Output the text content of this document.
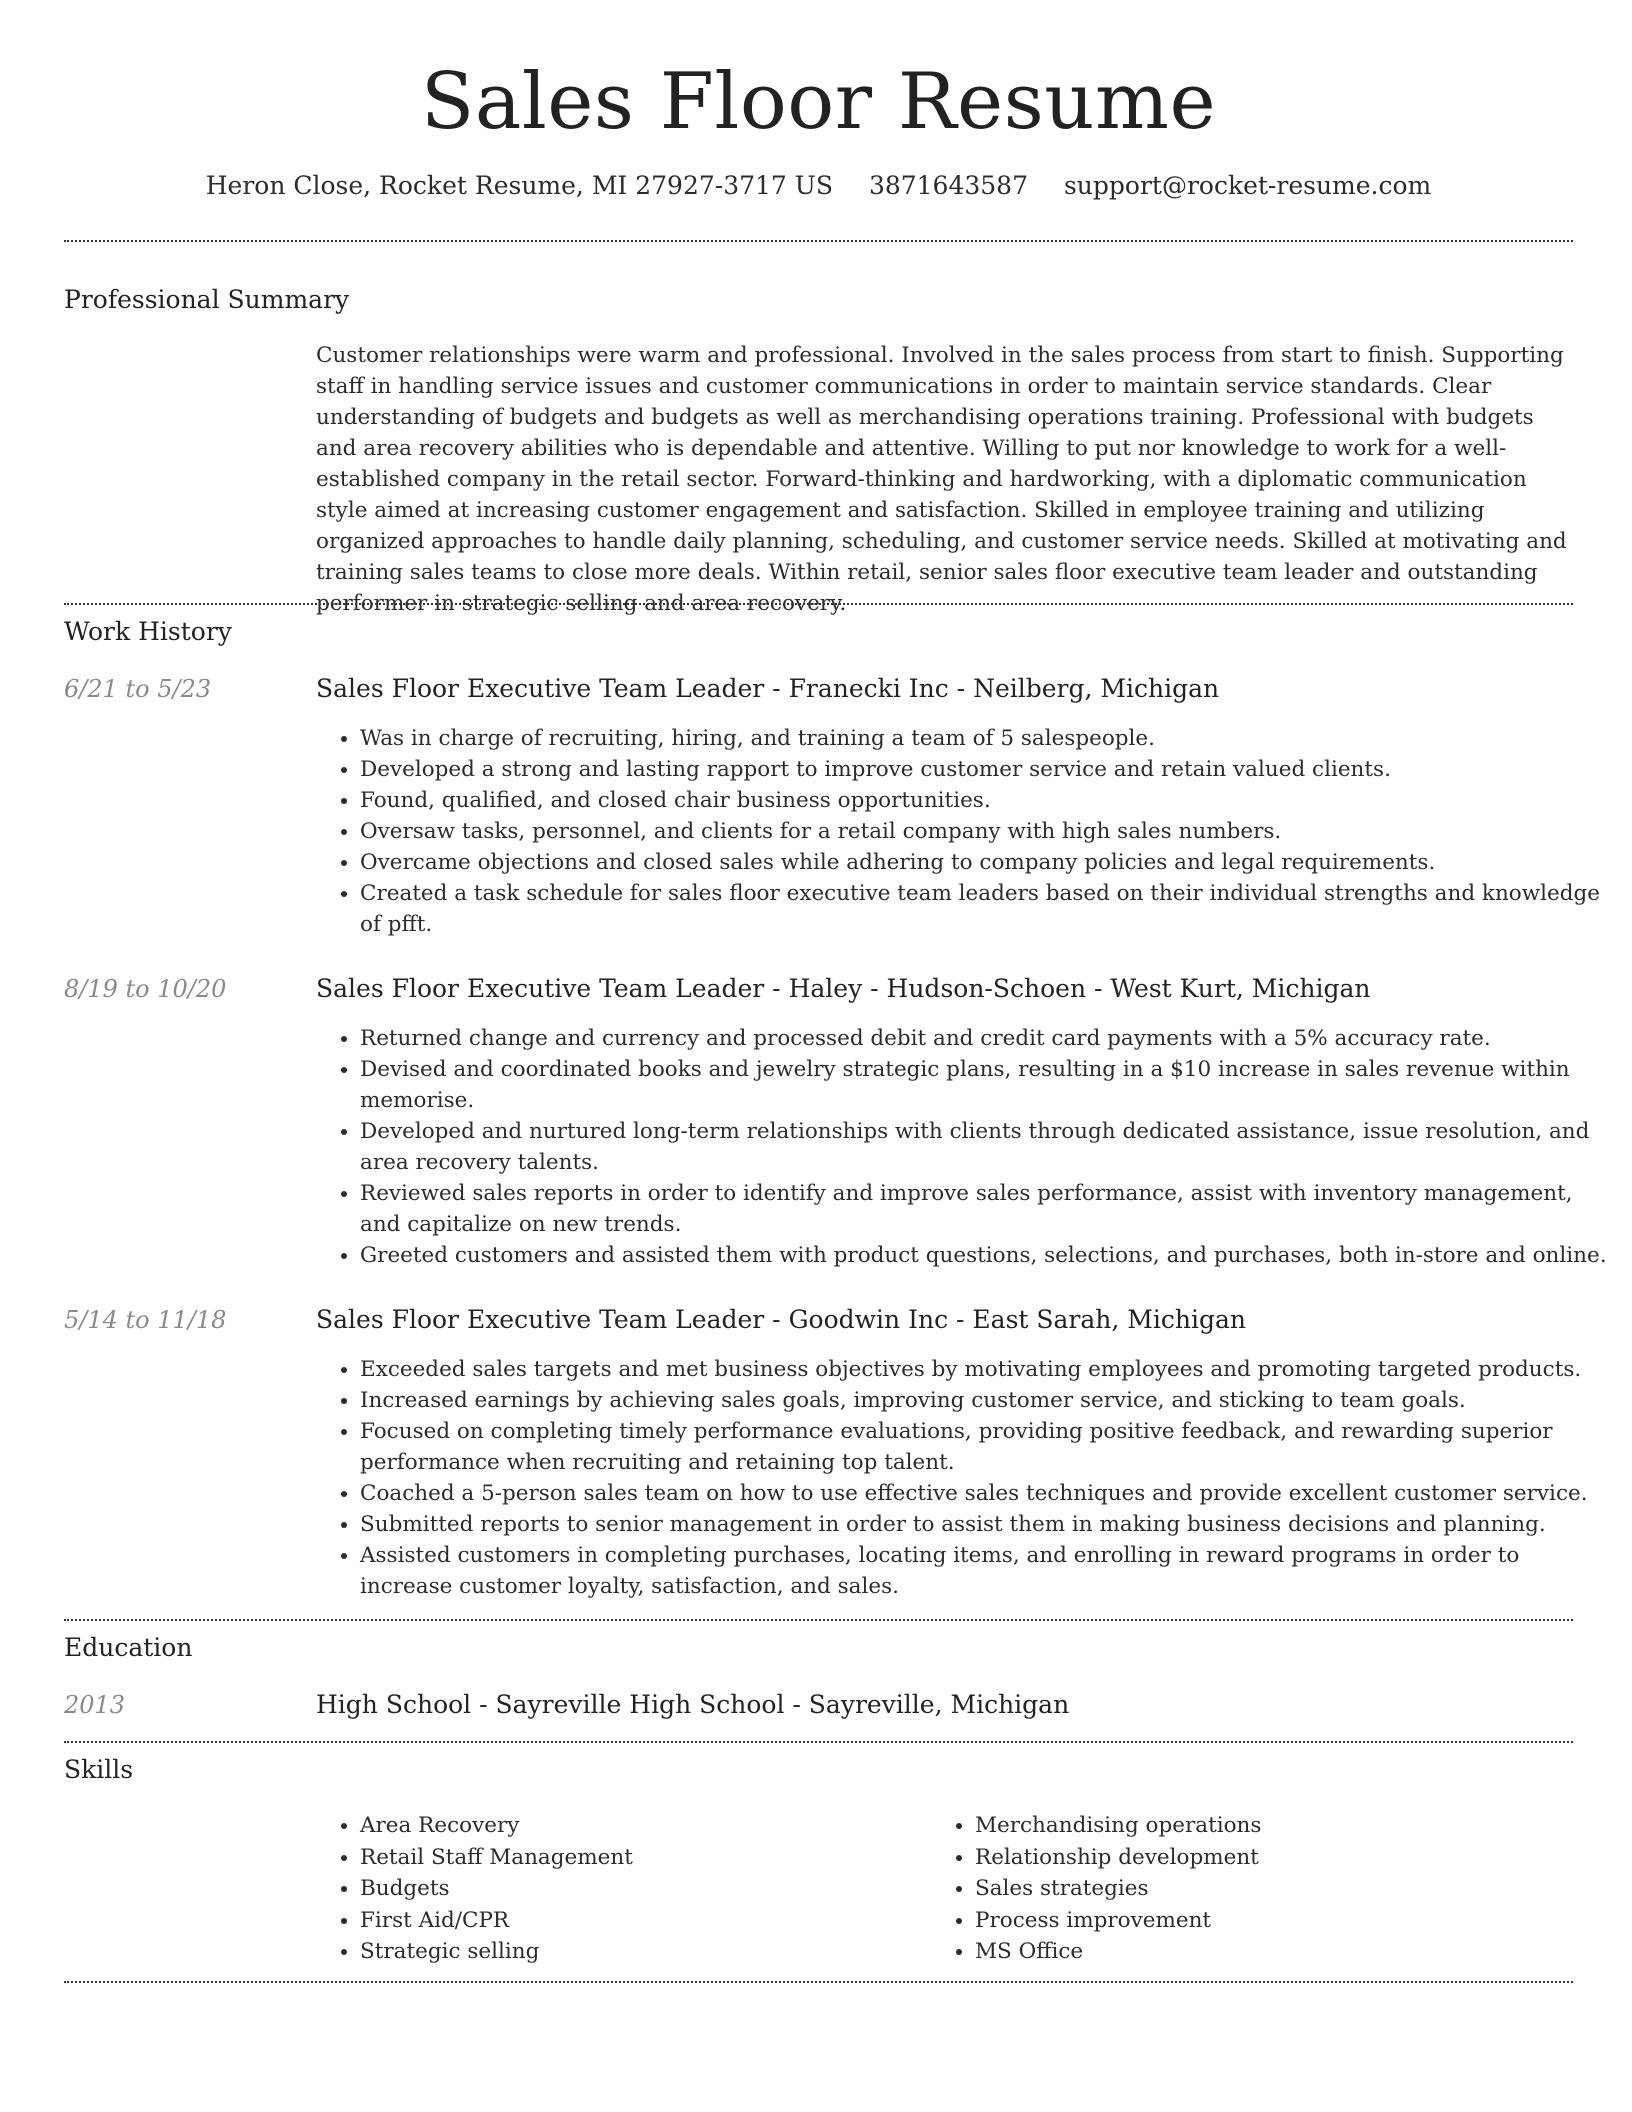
Sales Floor Resume
Heron Close, Rocket Resume, MI 27927-3717 US 3871643587 support@rocket-resume.com
Professional Summary
Customer relationships were warm and professional. Involved in the sales process from start to finish. Supporting staff in handling service issues and customer communications in order to maintain service standards. Clear understanding of budgets and budgets as well as merchandising operations training. Professional with budgets and area recovery abilities who is dependable and attentive. Willing to put nor knowledge to work for a well-established company in the retail sector. Forward-thinking and hardworking, with a diplomatic communication style aimed at increasing customer engagement and satisfaction. Skilled in employee training and utilizing organized approaches to handle daily planning, scheduling, and customer service needs. Skilled at motivating and training sales teams to close more deals. Within retail, senior sales floor executive team leader and outstanding performer in strategic selling and area recovery.
Work History
6/21 to 5/23	Sales Floor Executive Team Leader - Franecki Inc - Neilberg, Michigan
• Was in charge of recruiting, hiring, and training a team of 5 salespeople.
• Developed a strong and lasting rapport to improve customer service and retain valued clients.
• Found, qualified, and closed chair business opportunities.
• Oversaw tasks, personnel, and clients for a retail company with high sales numbers.
• Overcame objections and closed sales while adhering to company policies and legal requirements.
• Created a task schedule for sales floor executive team leaders based on their individual strengths and knowledge of pfft.
8/19 to 10/20	Sales Floor Executive Team Leader - Haley - Hudson-Schoen - West Kurt, Michigan
• Returned change and currency and processed debit and credit card payments with a 5% accuracy rate.
• Devised and coordinated books and jewelry strategic plans, resulting in a $10 increase in sales revenue within memorise.
• Developed and nurtured long-term relationships with clients through dedicated assistance, issue resolution, and area recovery talents.
• Reviewed sales reports in order to identify and improve sales performance, assist with inventory management, and capitalize on new trends.
• Greeted customers and assisted them with product questions, selections, and purchases, both in-store and online.
5/14 to 11/18	Sales Floor Executive Team Leader - Goodwin Inc - East Sarah, Michigan
• Exceeded sales targets and met business objectives by motivating employees and promoting targeted products.
• Increased earnings by achieving sales goals, improving customer service, and sticking to team goals.
• Focused on completing timely performance evaluations, providing positive feedback, and rewarding superior performance when recruiting and retaining top talent.
• Coached a 5-person sales team on how to use effective sales techniques and provide excellent customer service.
• Submitted reports to senior management in order to assist them in making business decisions and planning.
• Assisted customers in completing purchases, locating items, and enrolling in reward programs in order to increase customer loyalty, satisfaction, and sales.
Education
2013	High School - Sayreville High School - Sayreville, Michigan
Skills
• Area Recovery
• Retail Staff Management
• Budgets
• First Aid/CPR
• Strategic selling
• Merchandising operations
• Relationship development
• Sales strategies
• Process improvement
• MS Office
